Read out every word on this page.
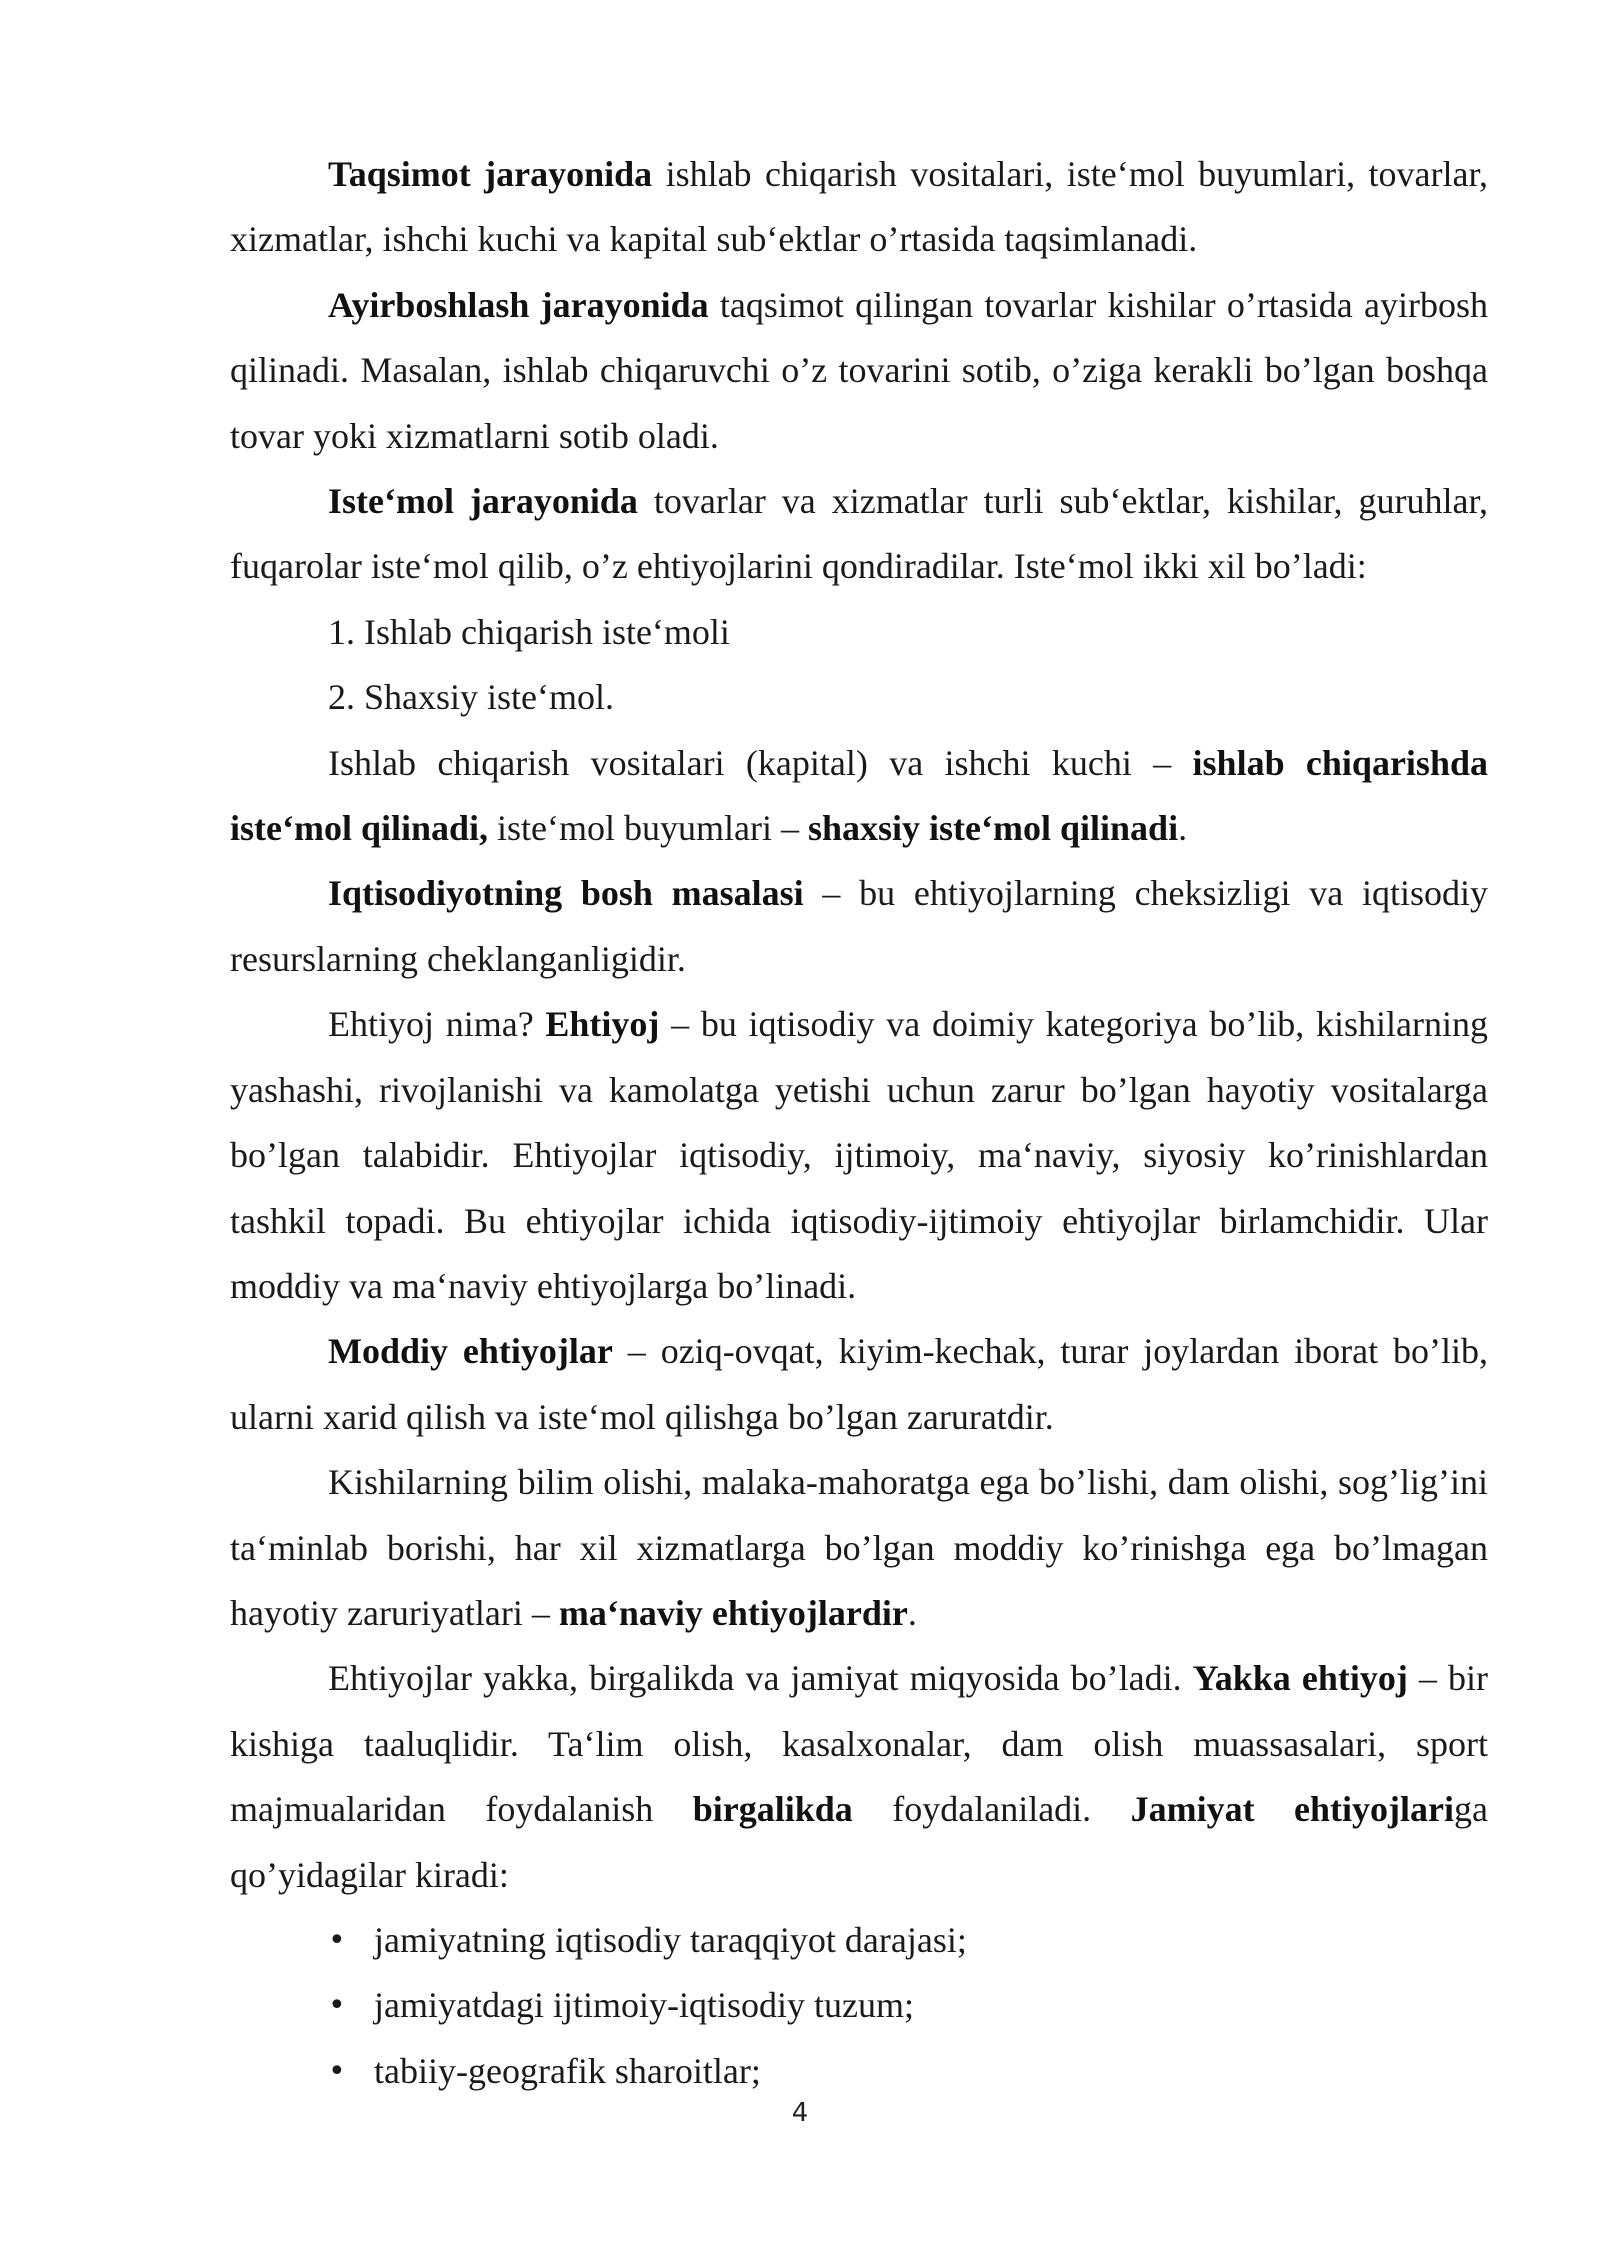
Taqsimot jarayonida ishlab chiqarish vositalari, iste‘mol buyumlari, tovarlar, xizmatlar, ishchi kuchi va kapital sub‘ektlar o’rtasida taqsimlanadi.

Ayirboshlash jarayonida taqsimot qilingan tovarlar kishilar o’rtasida ayirbosh qilinadi. Masalan, ishlab chiqaruvchi o’z tovarini sotib, o’ziga kerakli bo’lgan boshqa tovar yoki xizmatlarni sotib oladi.

Iste‘mol jarayonida tovarlar va xizmatlar turli sub‘ektlar, kishilar, guruhlar, fuqarolar iste‘mol qilib, o’z ehtiyojlarini qondiradilar. Iste‘mol ikki xil bo’ladi:

1. Ishlab chiqarish iste‘moli
2. Shaxsiy iste‘mol.

Ishlab chiqarish vositalari (kapital) va ishchi kuchi – ishlab chiqarishda iste‘mol qilinadi, iste‘mol buyumlari – shaxsiy iste‘mol qilinadi.

Iqtisodiyotning bosh masalasi – bu ehtiyojlarning cheksizligi va iqtisodiy resurslarning cheklanganligidir.

Ehtiyoj nima? Ehtiyoj – bu iqtisodiy va doimiy kategoriya bo’lib, kishilarning yashashi, rivojlanishi va kamolatga yetishi uchun zarur bo’lgan hayotiy vositalarga bo’lgan talabidir. Ehtiyojlar iqtisodiy, ijtimoiy, ma‘naviy, siyosiy ko’rinishlardan tashkil topadi. Bu ehtiyojlar ichida iqtisodiy-ijtimoiy ehtiyojlar birlamchidir. Ular moddiy va ma‘naviy ehtiyojlarga bo’linadi.

Moddiy ehtiyojlar – oziq-ovqat, kiyim-kechak, turar joylardan iborat bo’lib, ularni xarid qilish va iste‘mol qilishga bo’lgan zaruratdir.

Kishilarning bilim olishi, malaka-mahoratga ega bo’lishi, dam olishi, sog’lig’ini ta‘minlab borishi, har xil xizmatlarga bo’lgan moddiy ko’rinishga ega bo’lmagan hayotiy zaruriyatlari – ma‘naviy ehtiyojlardir.

Ehtiyojlar yakka, birgalikda va jamiyat miqyosida bo’ladi. Yakka ehtiyoj – bir kishiga taaluqlidir. Ta‘lim olish, kasalxonalar, dam olish muassasalari, sport majmualaridan foydalanish birgalikda foydalaniladi. Jamiyat ehtiyojlariga qo’yidagilar kiradi:

• jamiyatning iqtisodiy taraqqiyot darajasi;
• jamiyatdagi ijtimoiy-iqtisodiy tuzum;
• tabiiy-geografik sharoitlar;
4
